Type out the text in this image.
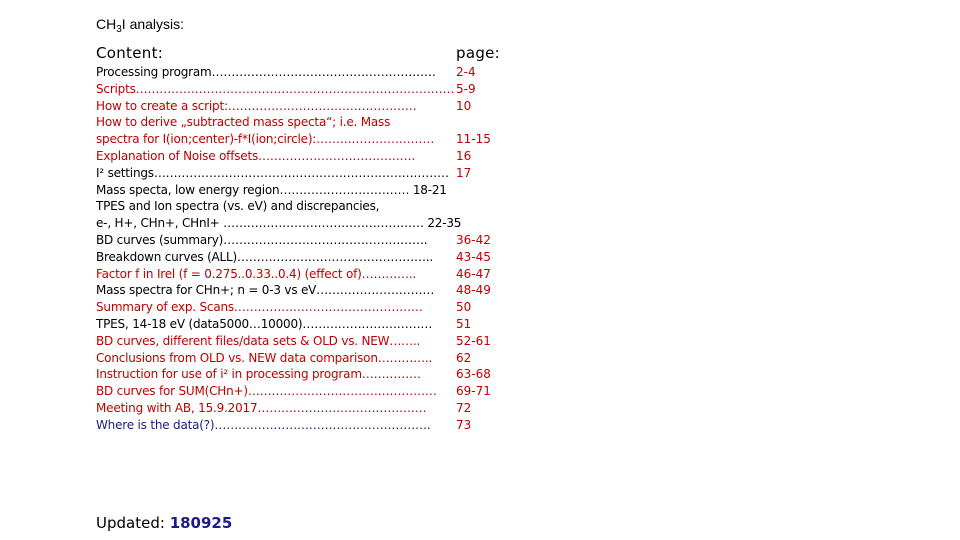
$CH_3I$ analysis:
Content:	page:
Processing program…………………………………………………
Scripts………………………………………………………………………
How to create a script:…………………………………………
How to derive „subtracted mass specta“; i.e. Mass
spectra for I(ion;center)-f*I(ion;circle):…………………………
Explanation of Noise offsets………………………………….
I² settings…………………………………………………………………
Mass specta, low energy region…………………………… 18-21
TPES and Ion spectra (vs. eV) and discrepancies,
e-, H+, CHn+, CHnI+ …………………………………………… 22-35
BD curves (summary)…………………………………………….
Breakdown curves (ALL)…………………………………………..
Factor f in Irel (f = 0.275..0.33..0.4) (effect of)…………..
Mass spectra for CHn+; n = 0-3 vs eV…………………………
Summary of exp. Scans…………………………………………
TPES, 14-18 eV (data5000…10000)……………………………
BD curves, different files/data sets & OLD vs. NEW……..
Conclusions from OLD vs. NEW data comparison…………..
Instruction for use of i² in processing program……………
BD curves for SUM(CHn+)…………………………………………
Meeting with AB, 15.9.2017…………………………………….
Where is the data(?)……………………………………………….
2-4
5-9
10
11-15
16
17
36-42
43-45
46-47
48-49
50
51
52-61
62
63-68
69-71
72
73
Updated: 180925
